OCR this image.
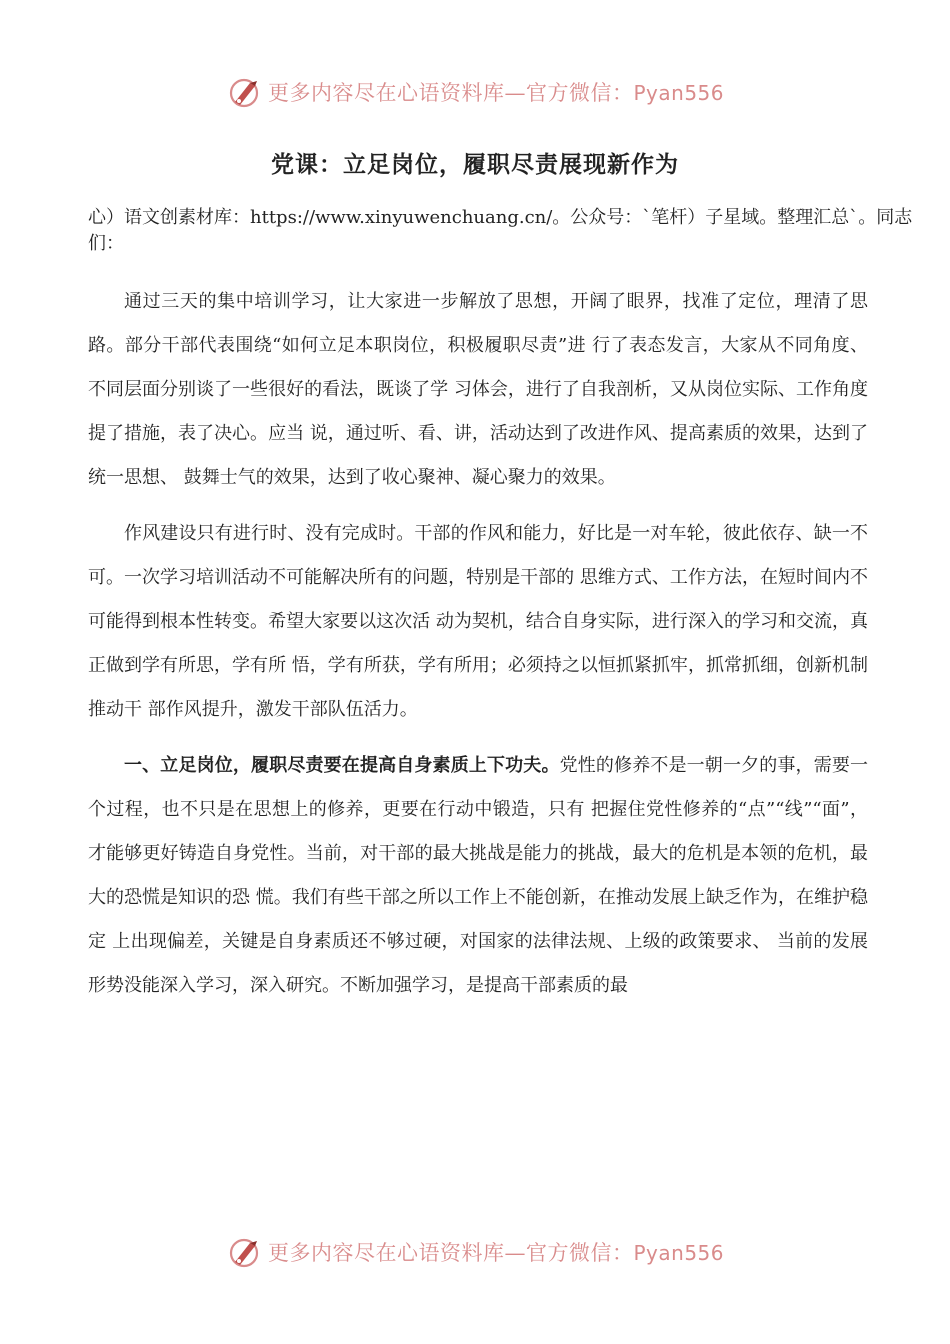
更多内容尽在心语资料库—官方微信：Pyan556
党课：立足岗位，履职尽责展现新作为
心）语文创素材库：https://www.xinyuwenchuang.cn/。公众号：`笔杆）子星域。整理汇总`。同志们：

通过三天的集中培训学习，让大家进一步解放了思想，开阔了眼界，找准了定位，理清了思路。部分干部代表围绕“如何立足本职岗位，积极履职尽责”进 行了表态发言，大家从不同角度、不同层面分别谈了一些很好的看法，既谈了学 习体会，进行了自我剖析，又从岗位实际、工作角度提了措施，表了决心。应当 说，通过听、看、讲，活动达到了改进作风、提高素质的效果，达到了统一思想、 鼓舞士气的效果，达到了收心聚神、凝心聚力的效果。

作风建设只有进行时、没有完成时。干部的作风和能力，好比是一对车轮，彼此依存、缺一不可。一次学习培训活动不可能解决所有的问题，特别是干部的 思维方式、工作方法，在短时间内不可能得到根本性转变。希望大家要以这次活 动为契机，结合自身实际，进行深入的学习和交流，真正做到学有所思，学有所 悟，学有所获，学有所用；必须持之以恒抓紧抓牢，抓常抓细，创新机制推动干 部作风提升，激发干部队伍活力。

一、立足岗位，履职尽责要在提高自身素质上下功夫。党性的修养不是一朝一夕的事，需要一个过程，也不只是在思想上的修养，更要在行动中锻造，只有 把握住党性修养的“点”“线”“面”，才能够更好铸造自身党性。当前，对干部的最大挑战是能力的挑战，最大的危机是本领的危机，最大的恐慌是知识的恐 慌。我们有些干部之所以工作上不能创新，在推动发展上缺乏作为，在维护稳定 上出现偏差，关键是自身素质还不够过硬，对国家的法律法规、上级的政策要求、 当前的发展形势没能深入学习，深入研究。不断加强学习，是提高干部素质的最

更多内容尽在心语资料库—官方微信：Pyan556
